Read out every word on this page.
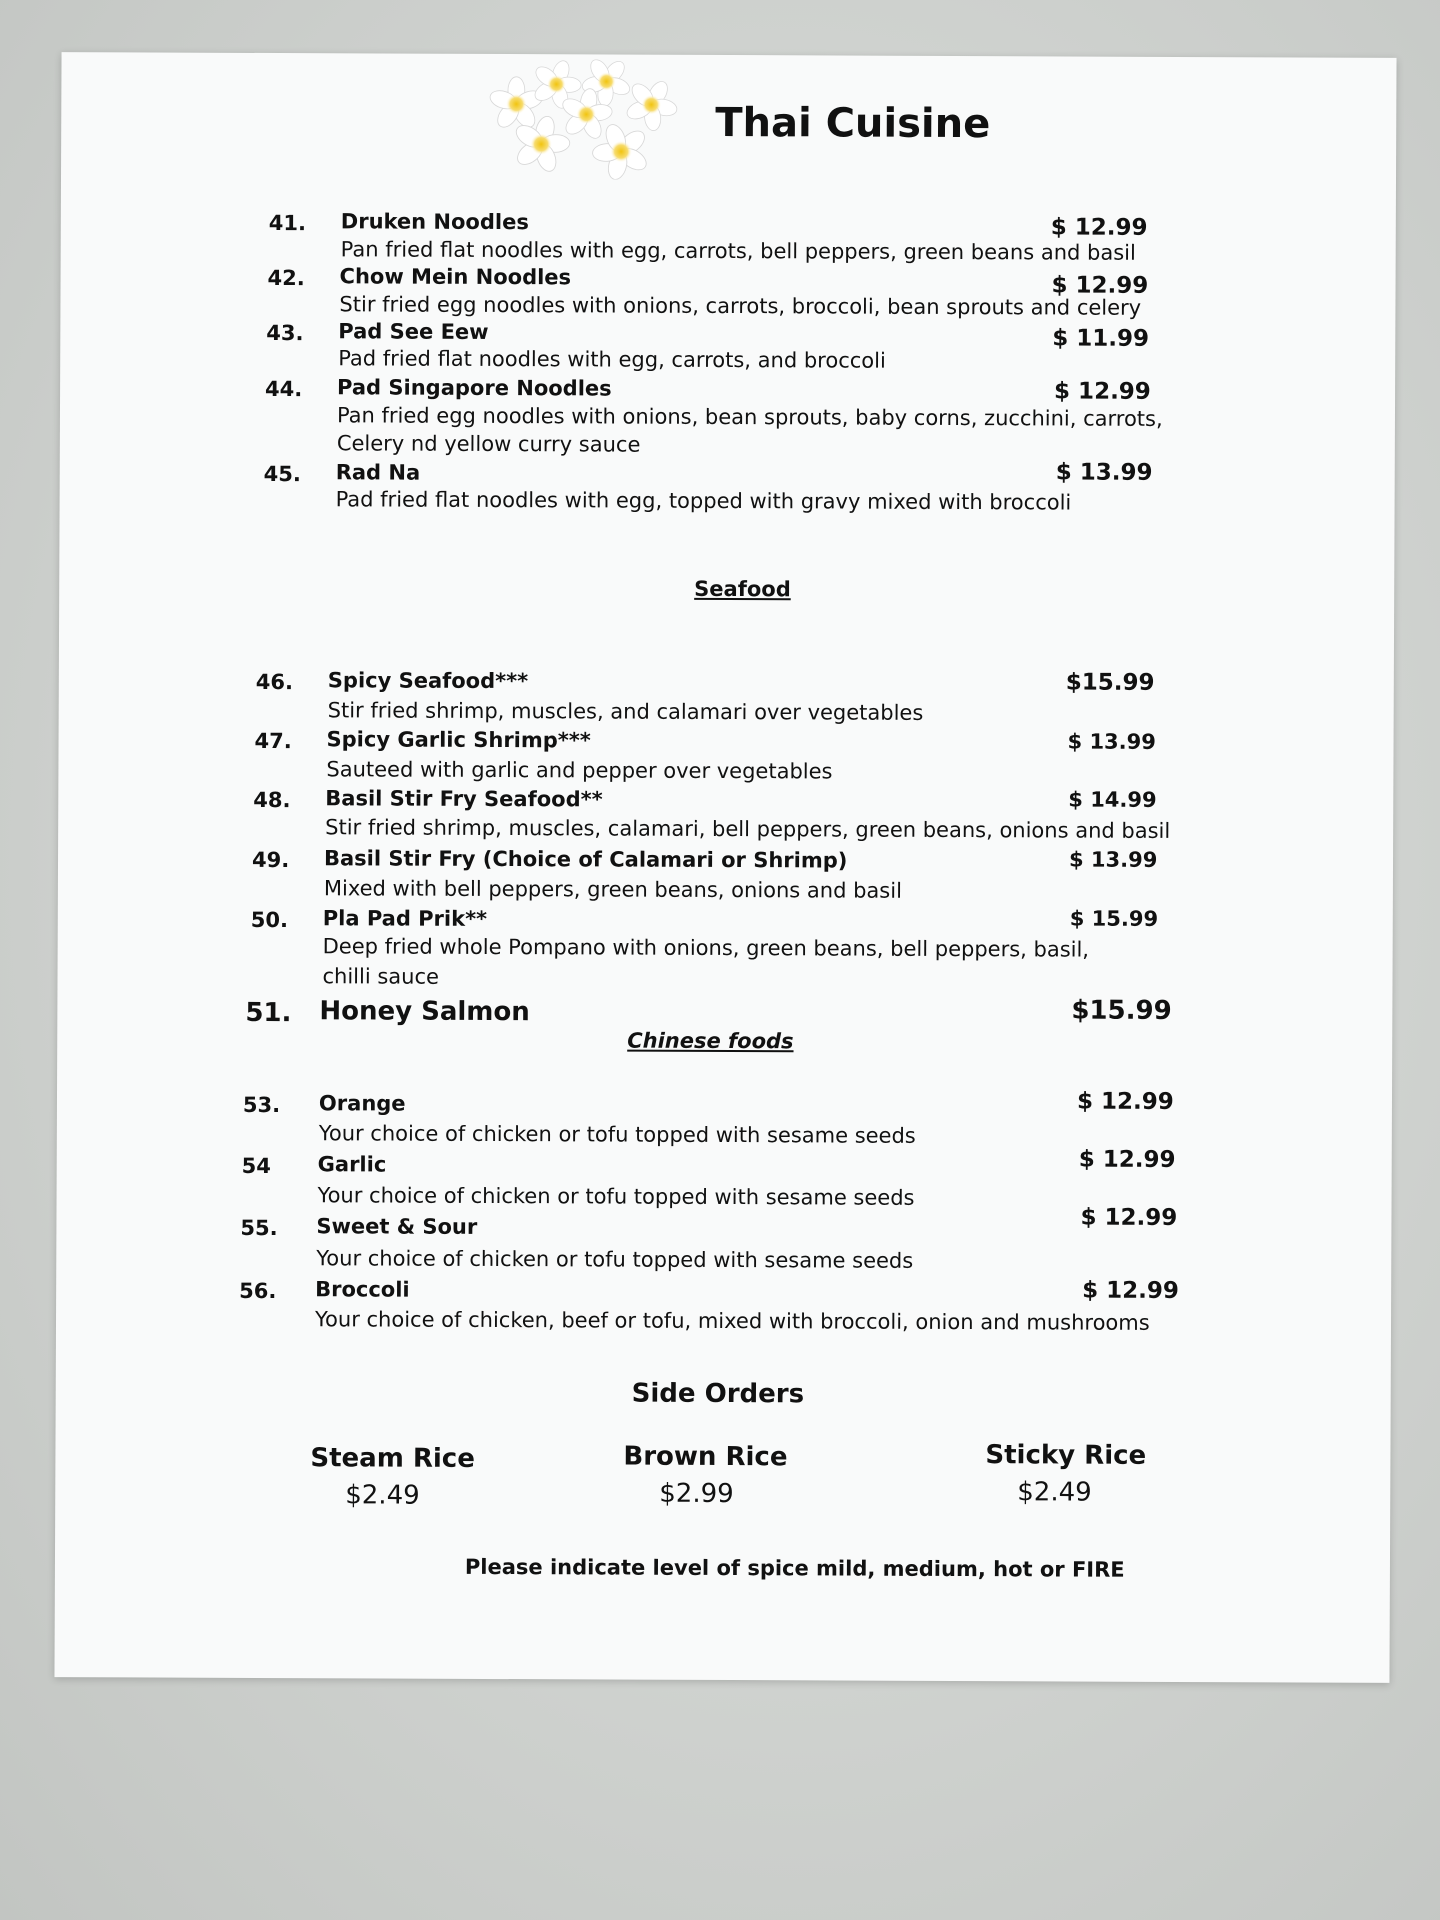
Thai Cuisine
41. Druken Noodles	$ 12.99
Pan fried flat noodles with egg, carrots, bell peppers, green beans and basil
42. Chow Mein Noodles	$ 12.99
Stir fried egg noodles with onions, carrots, broccoli, bean sprouts and celery
43. Pad See Eew	$ 11.99
Pad fried flat noodles with egg, carrots, and broccoli
44. Pad Singapore Noodles	$ 12.99
Pan fried egg noodles with onions, bean sprouts, baby corns, zucchini, carrots,
Celery nd yellow curry sauce
45. Rad Na	$ 13.99
Pad fried flat noodles with egg, topped with gravy mixed with broccoli
Seafood
46. Spicy Seafood***	$15.99
Stir fried shrimp, muscles, and calamari over vegetables
47. Spicy Garlic Shrimp***	$ 13.99
Sauteed with garlic and pepper over vegetables
48. Basil Stir Fry Seafood**	$ 14.99
Stir fried shrimp, muscles, calamari, bell peppers, green beans, onions and basil
49. Basil Stir Fry (Choice of Calamari or Shrimp)	$ 13.99
Mixed with bell peppers, green beans, onions and basil
50. Pla Pad Prik**	$ 15.99
Deep fried whole Pompano with onions, green beans, bell peppers, basil,
chilli sauce
51. Honey Salmon	$15.99
Chinese foods
53. Orange	$ 12.99
Your choice of chicken or tofu topped with sesame seeds
54 Garlic	$ 12.99
Your choice of chicken or tofu topped with sesame seeds
55. Sweet & Sour	$ 12.99
Your choice of chicken or tofu topped with sesame seeds
56. Broccoli	$ 12.99
Your choice of chicken, beef or tofu, mixed with broccoli, onion and mushrooms
Side Orders
Steam Rice
$2.49
Brown Rice
$2.99
Sticky Rice
$2.49
Please indicate level of spice mild, medium, hot or FIRE
